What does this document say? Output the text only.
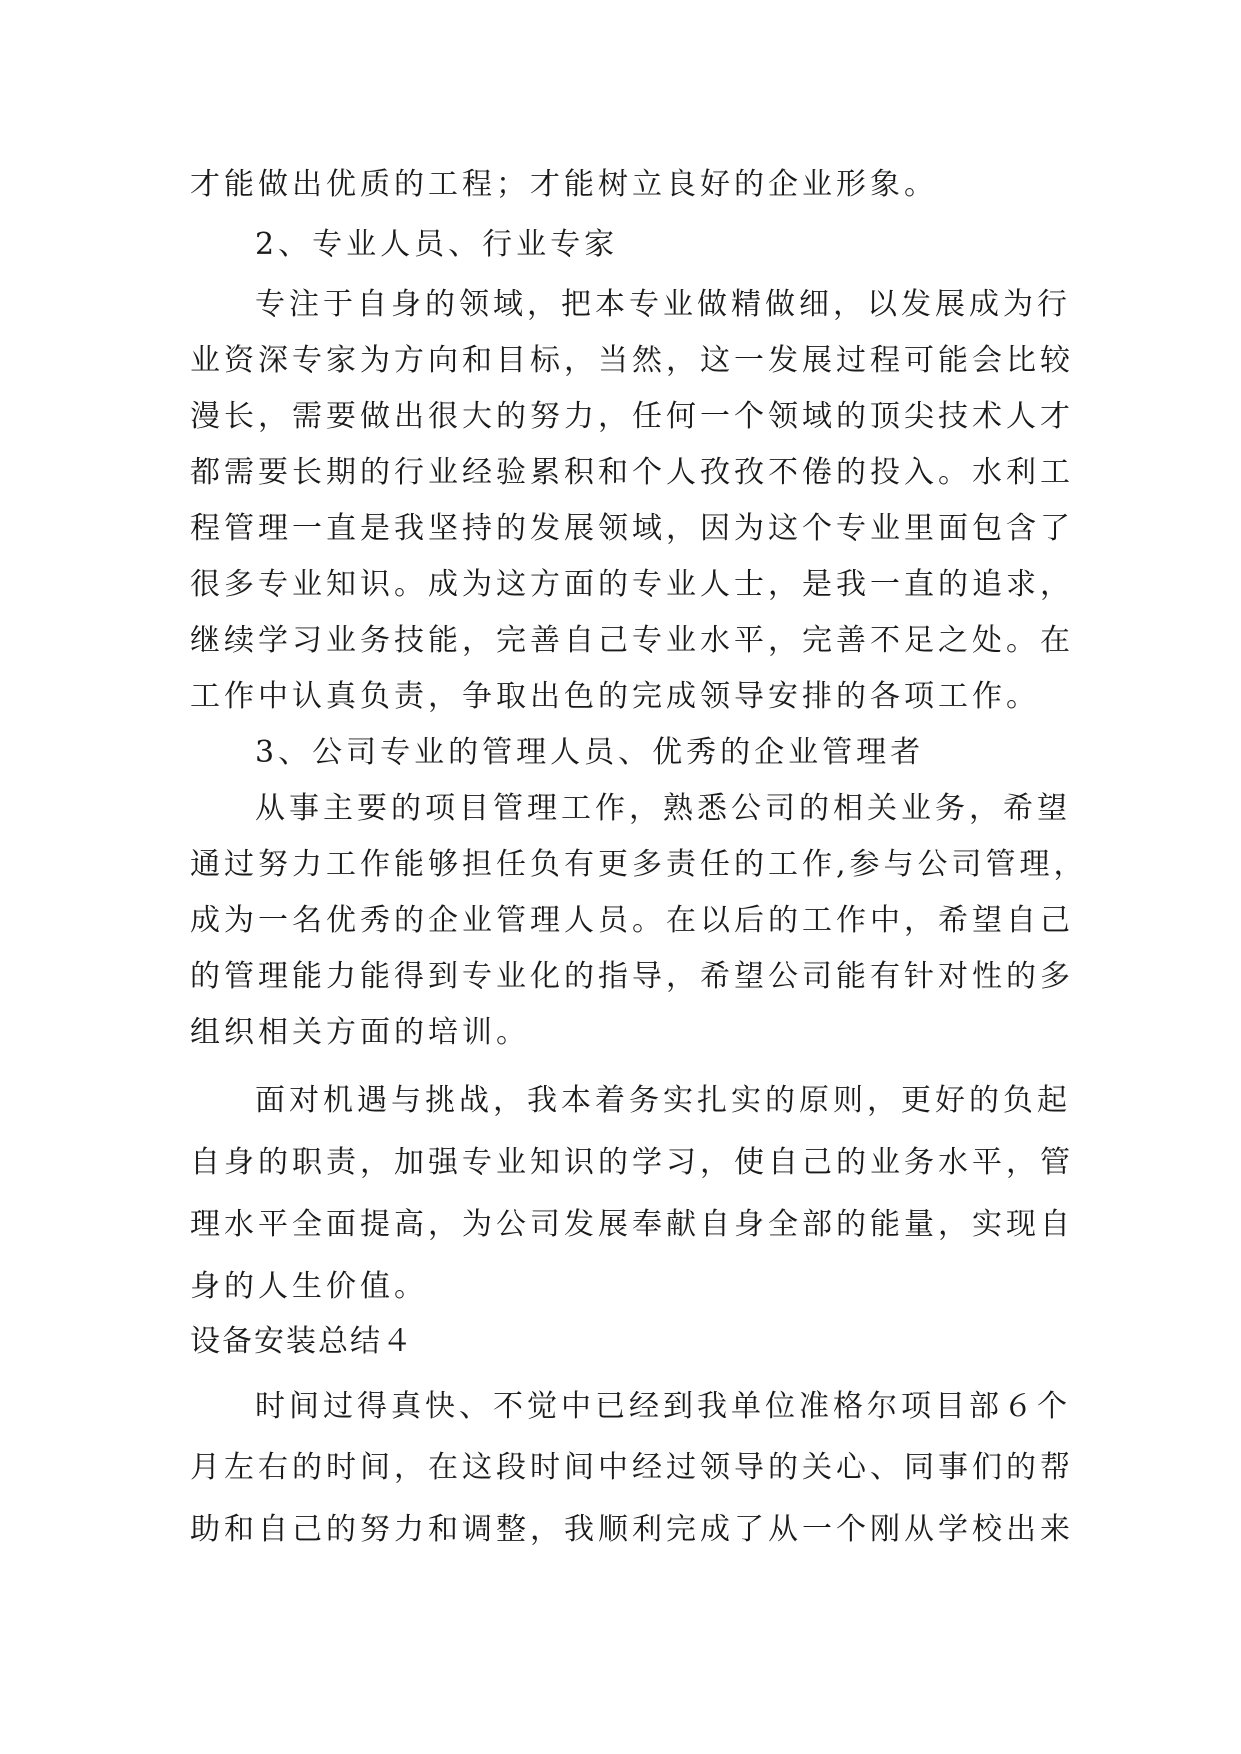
才能做出优质的工程；才能树立良好的企业形象。
2、专业人员、行业专家
专注于自身的领域，把本专业做精做细，以发展成为行
业资深专家为方向和目标，当然，这一发展过程可能会比较
漫长，需要做出很大的努力，任何一个领域的顶尖技术人才
都需要长期的行业经验累积和个人孜孜不倦的投入。水利工
程管理一直是我坚持的发展领域，因为这个专业里面包含了
很多专业知识。成为这方面的专业人士，是我一直的追求，
继续学习业务技能，完善自己专业水平，完善不足之处。在
工作中认真负责，争取出色的完成领导安排的各项工作。
3、公司专业的管理人员、优秀的企业管理者
从事主要的项目管理工作，熟悉公司的相关业务，希望
通过努力工作能够担任负有更多责任的工作,参与公司管理，
成为一名优秀的企业管理人员。在以后的工作中，希望自己
的管理能力能得到专业化的指导，希望公司能有针对性的多
组织相关方面的培训。
面对机遇与挑战，我本着务实扎实的原则，更好的负起
自身的职责，加强专业知识的学习，使自己的业务水平，管
理水平全面提高，为公司发展奉献自身全部的能量，实现自
身的人生价值。
设备安装总结４
时间过得真快、不觉中已经到我单位准格尔项目部６个
月左右的时间，在这段时间中经过领导的关心、同事们的帮
助和自己的努力和调整，我顺利完成了从一个刚从学校出来
